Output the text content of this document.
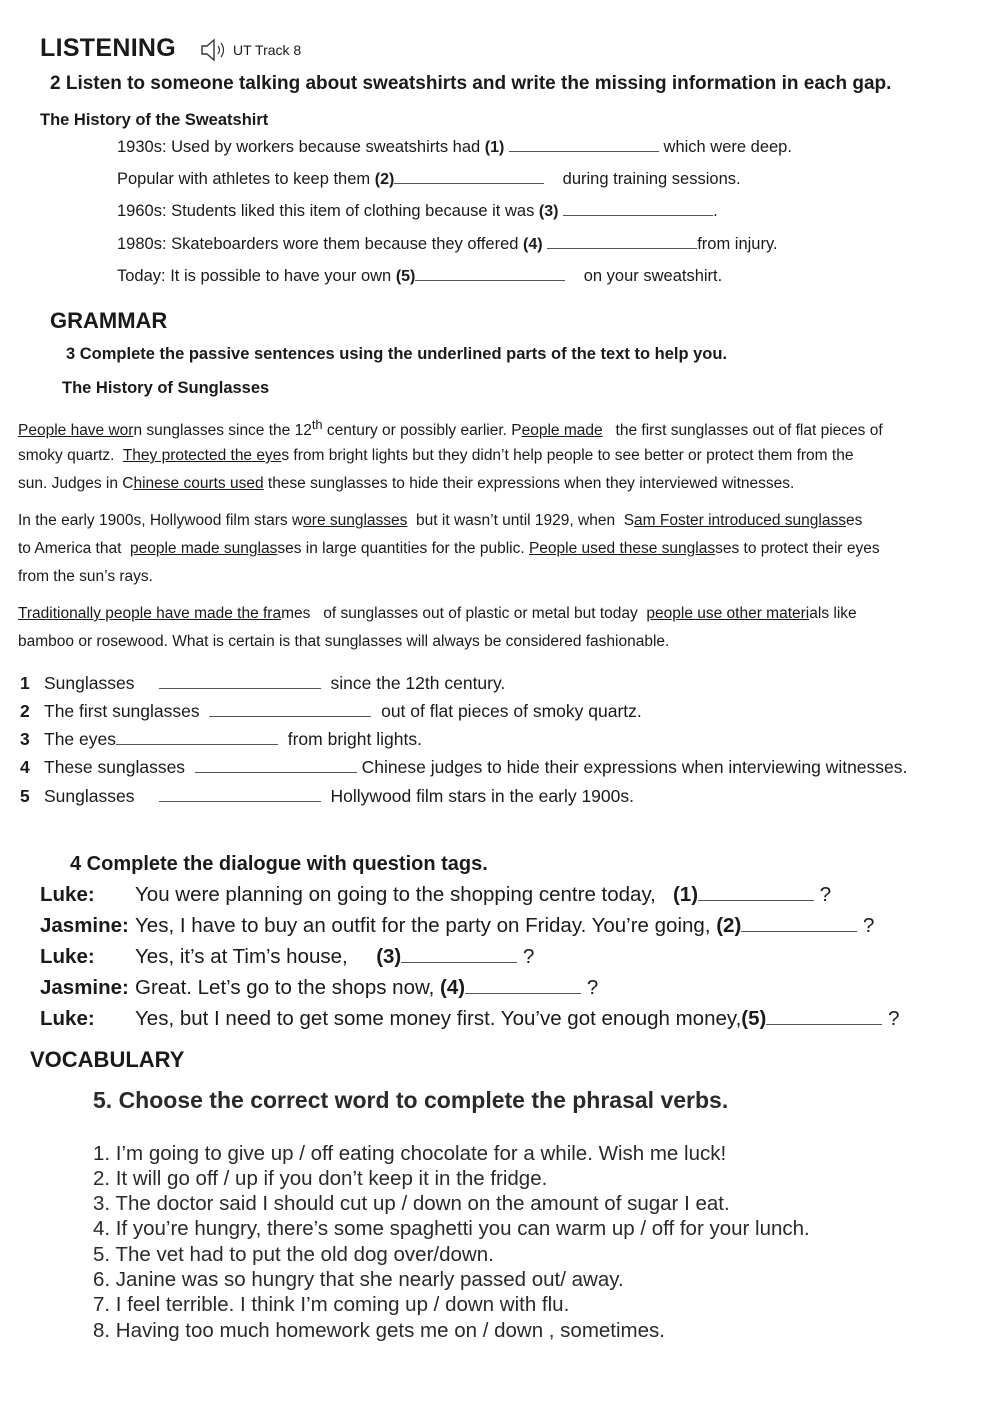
LISTENING	UT Track 8
2 Listen to someone talking about sweatshirts and write the missing information in each gap.
The History of the Sweatshirt
1930s: Used by workers because sweatshirts had (1)	which were deep.
Popular with athletes to keep them (2)	during training sessions.
1960s: Students liked this item of clothing because it was (3)	.
1980s: Skateboarders wore them because they offered (4)	from injury.
Today: It is possible to have your own (5)	on your sweatshirt.
GRAMMAR
3 Complete the passive sentences using the underlined parts of the text to help you.
The History of Sunglasses
People have worn sunglasses since the 12th century or possibly earlier. People made   the first sunglasses out of flat pieces of
smoky quartz.  They protected the eyes from bright lights but they didn’t help people to see better or protect them from the
sun. Judges in Chinese courts used these sunglasses to hide their expressions when they interviewed witnesses.
In the early 1900s, Hollywood film stars wore sunglasses  but it wasn’t until 1929, when  Sam Foster introduced sunglasses
to America that  people made sunglasses in large quantities for the public. People used these sunglasses to protect their eyes
from the sun’s rays.
Traditionally people have made the frames   of sunglasses out of plastic or metal but today  people use other materials like
bamboo or rosewood. What is certain is that sunglasses will always be considered fashionable.
1 Sunglasses	since the 12th century.
2 The first sunglasses	out of flat pieces of smoky quartz.
3 The eyes	from bright lights.
4 These sunglasses	Chinese judges to hide their expressions when interviewing witnesses.
5 Sunglasses	Hollywood film stars in the early 1900s.
4 Complete the dialogue with question tags.
Luke: You were planning on going to the shopping centre today, (1)	?
Jasmine: Yes, I have to buy an outfit for the party on Friday. You’re going, (2)	?
Luke: Yes, it’s at Tim’s house, (3)	?
Jasmine: Great. Let’s go to the shops now, (4)	?
Luke: Yes, but I need to get some money first. You’ve got enough money,(5)	?
VOCABULARY
5. Choose the correct word to complete the phrasal verbs.
1. I’m going to give up / off eating chocolate for a while. Wish me luck!
2. It will go off / up if you don’t keep it in the fridge.
3. The doctor said I should cut up / down on the amount of sugar I eat.
4. If you’re hungry, there’s some spaghetti you can warm up / off for your lunch.
5. The vet had to put the old dog over/down.
6. Janine was so hungry that she nearly passed out/ away.
7. I feel terrible. I think I’m coming up / down with flu.
8. Having too much homework gets me on / down , sometimes.
